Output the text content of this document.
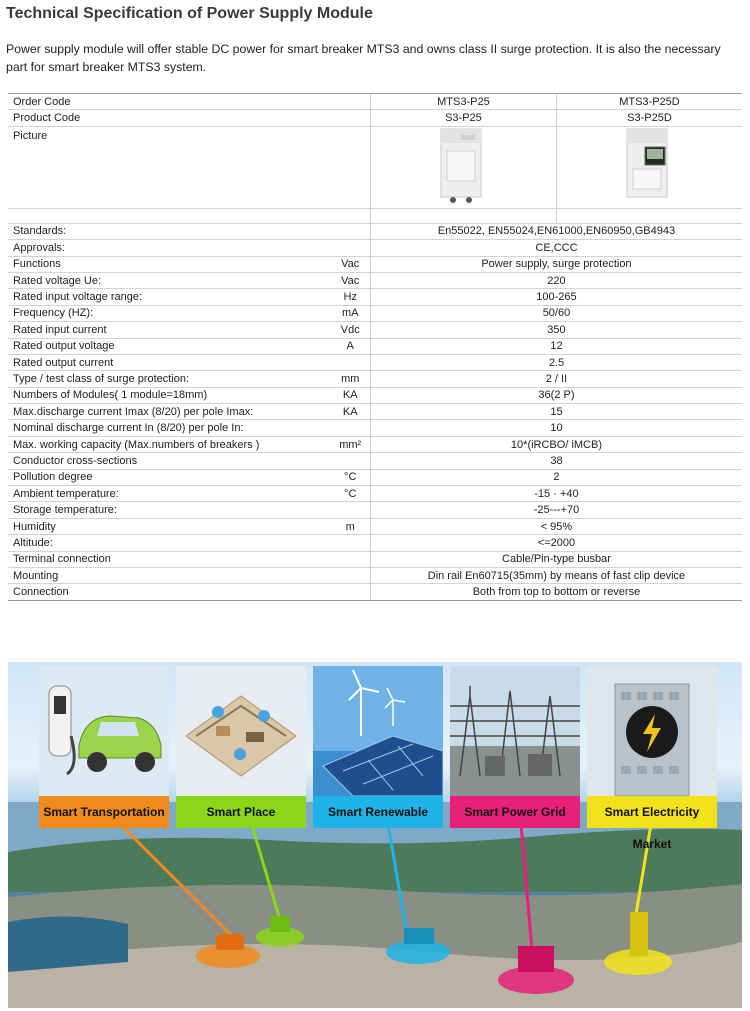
Technical Specification of Power Supply Module
Power supply module will offer stable DC power for smart breaker MTS3 and owns class II surge protection. It is also the necessary part for smart breaker MTS3 system.
Order Code		MTS3-P25	MTS3-P25D
Product Code		S3-P25	S3-P25D
Picture			

Standards:		En55022, EN55024,EN61000,EN60950,GB4943	
Approvals:		CE,CCC	
Functions	Vac	Power supply, surge protection	
Rated voltage Ue:	Vac	220	
Rated input voltage range:	Hz	100-265	
Frequency (HZ):	mA	50/60	
Rated input current	Vdc	350	
Rated output voltage	A	12	
Rated output current		2.5	
Type / test class of surge protection:	mm	2 / II	
Numbers of Modules( 1 module=18mm)	KA	36(2 P)	
Max.discharge current Imax (8/20) per pole Imax:	KA	15	
Nominal discharge current In (8/20) per pole In:		10	
Max. working capacity (Max.numbers of breakers )	mm²	10*(iRCBO/ iMCB)	
Conductor cross-sections		38	
Pollution degree	°C	2	
Ambient temperature:	°C	-15 · +40	
Storage temperature:		-25---+70	
Humidity	m	< 95%	
Altitude:		<=2000	
Terminal connection		Cable/Pin-type busbar	
Mounting		Din rail En60715(35mm) by means of fast clip device	
Connection		Both from top to bottom or reverse	
Smart Transportation	Smart Place	Smart Renewable	Smart Power Grid	Smart Electricity Market
